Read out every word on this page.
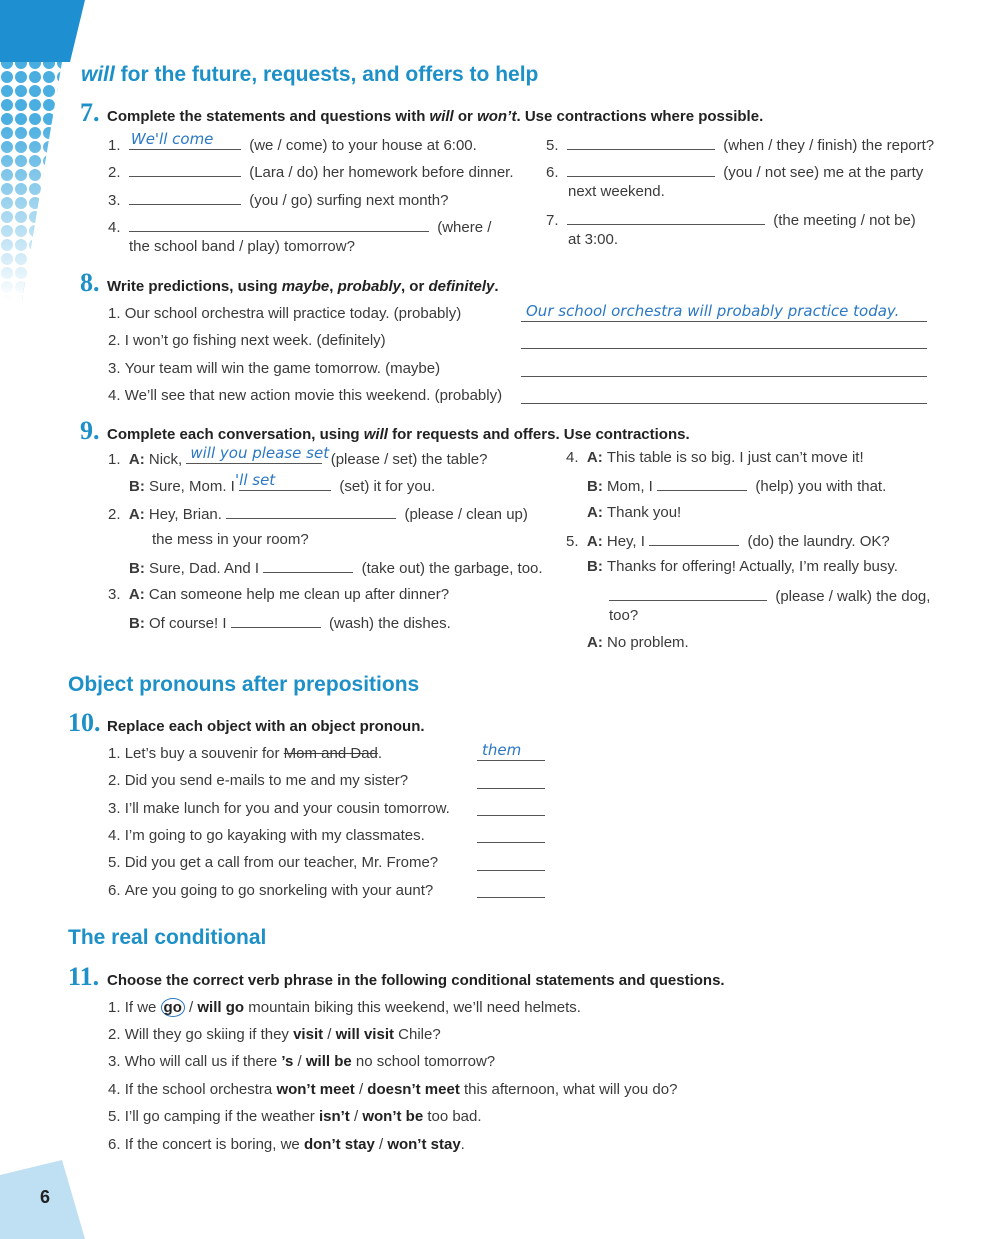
6
will for the future, requests, and offers to help
7. Complete the statements and questions with will or won’t. Use contractions where possible.
1. We'll come (we / come) to your house at 6:00.
2.	(Lara / do) her homework before dinner.
3.	(you / go) surfing next month?
4.	(where /
the school band / play) tomorrow?
5.	(when / they / finish) the report?
6.	(you / not see) me at the party
next weekend.
7.	(the meeting / not be)
at 3:00.
8. Write predictions, using maybe, probably, or definitely.
1. Our school orchestra will practice today. (probably)
2. I won’t go fishing next week. (definitely)
3. Your team will win the game tomorrow. (maybe)
4. We’ll see that new action movie this weekend. (probably)
Our school orchestra will probably practice today.
9. Complete each conversation, using will for requests and offers. Use contractions.
1. A: Nick, will you please set (please / set) the table?
B: Sure, Mom. I 'll set	(set) it for you.
2. A: Hey, Brian.	(please / clean up)
the mess in your room?
B: Sure, Dad. And I	(take out) the garbage, too.
3. A: Can someone help me clean up after dinner?
B: Of course! I	(wash) the dishes.
4. A: This table is so big. I just can’t move it!
B: Mom, I	(help) you with that.
A: Thank you!
5. A: Hey, I	(do) the laundry. OK?
B: Thanks for offering! Actually, I’m really busy.
(please / walk) the dog,
too?
A: No problem.
Object pronouns after prepositions
10. Replace each object with an object pronoun.
1. Let’s buy a souvenir for Mom and Dad.
2. Did you send e-mails to me and my sister?
3. I’ll make lunch for you and your cousin tomorrow.
4. I’m going to go kayaking with my classmates.
5. Did you get a call from our teacher, Mr. Frome?
6. Are you going to go snorkeling with your aunt?
them
The real conditional
11. Choose the correct verb phrase in the following conditional statements and questions.
1. If we go / will go mountain biking this weekend, we’ll need helmets.
2. Will they go skiing if they visit / will visit Chile?
3. Who will call us if there ’s / will be no school tomorrow?
4. If the school orchestra won’t meet / doesn’t meet this afternoon, what will you do?
5. I’ll go camping if the weather isn’t / won’t be too bad.
6. If the concert is boring, we don’t stay / won’t stay.
